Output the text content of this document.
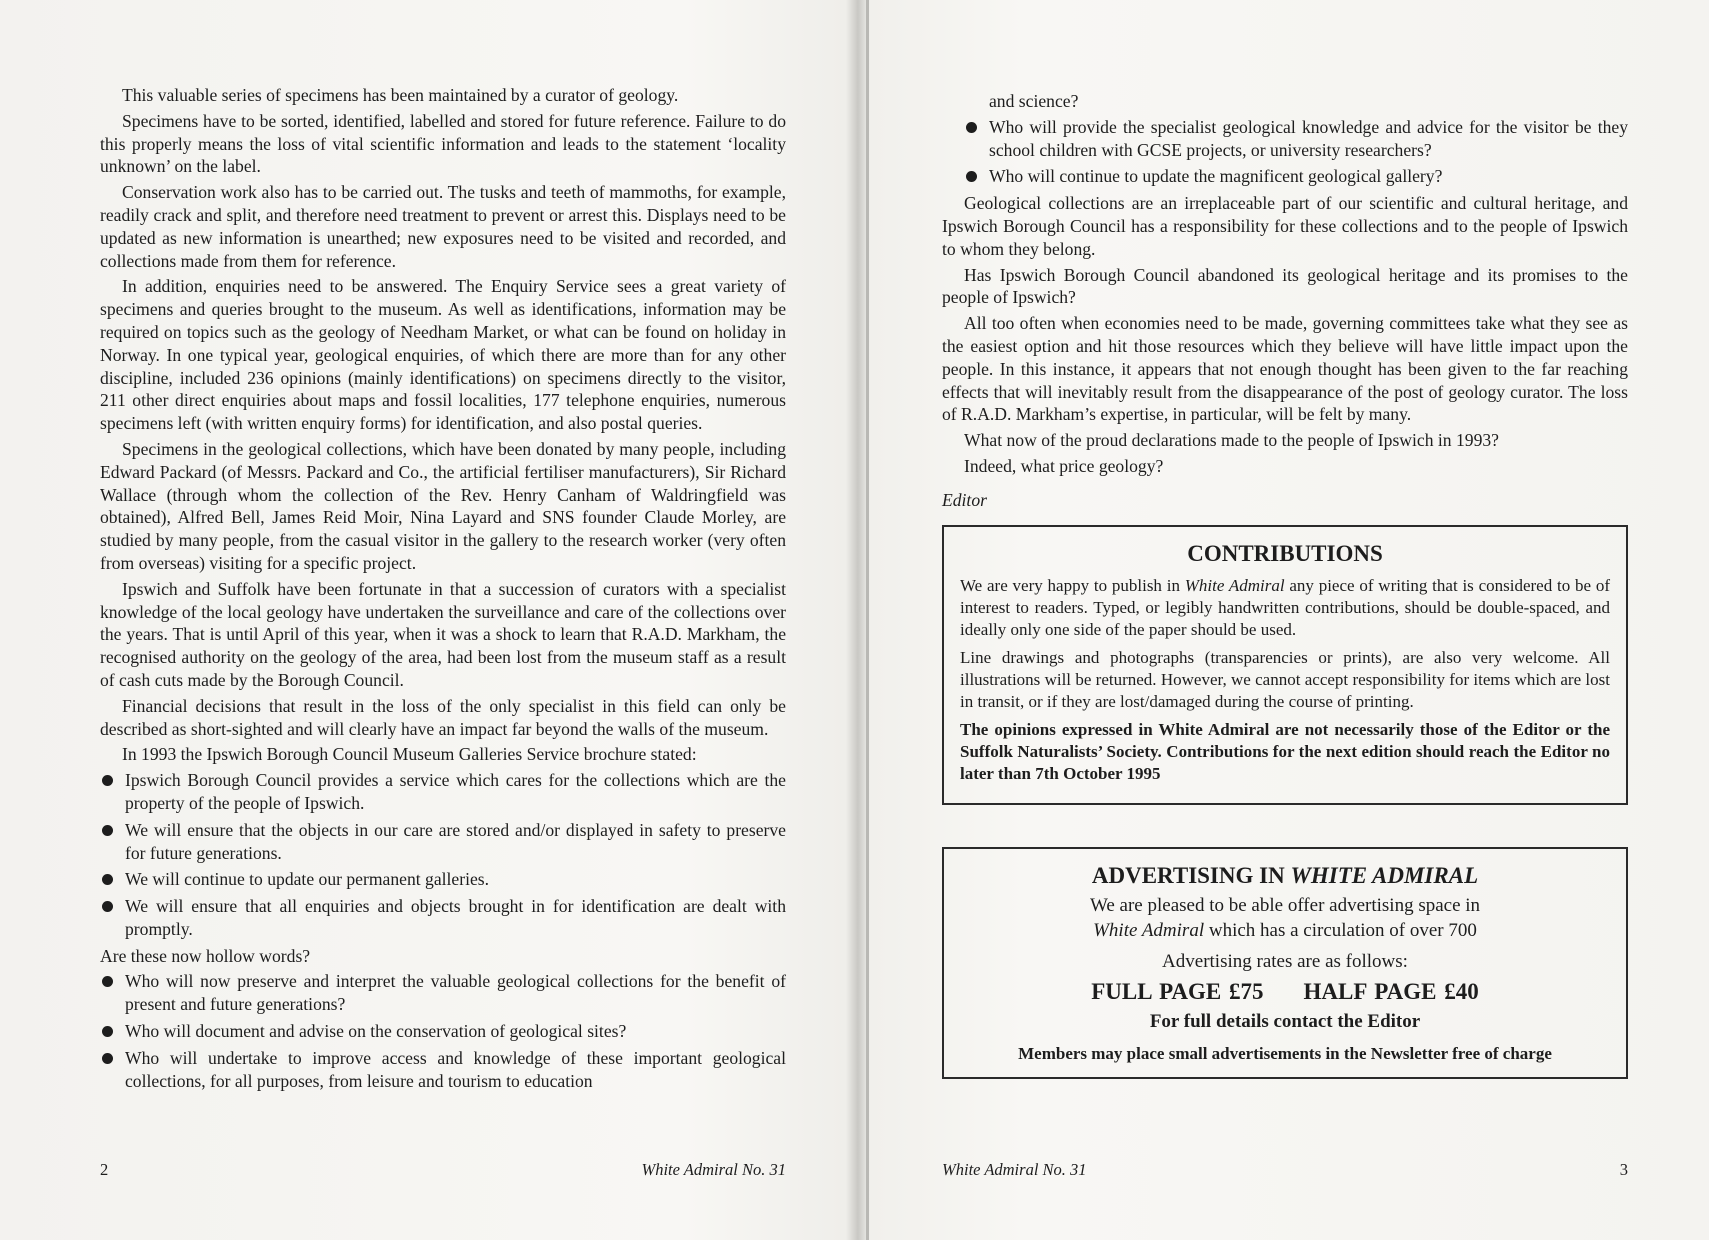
This valuable series of specimens has been maintained by a curator of geology.

Specimens have to be sorted, identified, labelled and stored for future reference. Failure to do this properly means the loss of vital scientific information and leads to the statement ‘locality unknown’ on the label.

Conservation work also has to be carried out. The tusks and teeth of mammoths, for example, readily crack and split, and therefore need treatment to prevent or arrest this. Displays need to be updated as new information is unearthed; new exposures need to be visited and recorded, and collections made from them for reference.

In addition, enquiries need to be answered. The Enquiry Service sees a great variety of specimens and queries brought to the museum. As well as identifications, information may be required on topics such as the geology of Needham Market, or what can be found on holiday in Norway. In one typical year, geological enquiries, of which there are more than for any other discipline, included 236 opinions (mainly identifications) on specimens directly to the visitor, 211 other direct enquiries about maps and fossil localities, 177 telephone enquiries, numerous specimens left (with written enquiry forms) for identification, and also postal queries.

Specimens in the geological collections, which have been donated by many people, including Edward Packard (of Messrs. Packard and Co., the artificial fertiliser manufacturers), Sir Richard Wallace (through whom the collection of the Rev. Henry Canham of Waldringfield was obtained), Alfred Bell, James Reid Moir, Nina Layard and SNS founder Claude Morley, are studied by many people, from the casual visitor in the gallery to the research worker (very often from overseas) visiting for a specific project.

Ipswich and Suffolk have been fortunate in that a succession of curators with a specialist knowledge of the local geology have undertaken the surveillance and care of the collections over the years. That is until April of this year, when it was a shock to learn that R.A.D. Markham, the recognised authority on the geology of the area, had been lost from the museum staff as a result of cash cuts made by the Borough Council.

Financial decisions that result in the loss of the only specialist in this field can only be described as short-sighted and will clearly have an impact far beyond the walls of the museum.

In 1993 the Ipswich Borough Council Museum Galleries Service brochure stated:

Ipswich Borough Council provides a service which cares for the collections which are the property of the people of Ipswich.
We will ensure that the objects in our care are stored and/or displayed in safety to preserve for future generations.
We will continue to update our permanent galleries.
We will ensure that all enquiries and objects brought in for identification are dealt with promptly.

Are these now hollow words?

Who will now preserve and interpret the valuable geological collections for the benefit of present and future generations?
Who will document and advise on the conservation of geological sites?
Who will undertake to improve access and knowledge of these important geological collections, for all purposes, from leisure and tourism to education
2	White Admiral No. 31

and science?

Who will provide the specialist geological knowledge and advice for the visitor be they school children with GCSE projects, or university researchers?
Who will continue to update the magnificent geological gallery?

Geological collections are an irreplaceable part of our scientific and cultural heritage, and Ipswich Borough Council has a responsibility for these collections and to the people of Ipswich to whom they belong.

Has Ipswich Borough Council abandoned its geological heritage and its promises to the people of Ipswich?

All too often when economies need to be made, governing committees take what they see as the easiest option and hit those resources which they believe will have little impact upon the people. In this instance, it appears that not enough thought has been given to the far reaching effects that will inevitably result from the disappearance of the post of geology curator. The loss of R.A.D. Markham’s expertise, in particular, will be felt by many.

What now of the proud declarations made to the people of Ipswich in 1993?

Indeed, what price geology?

Editor
CONTRIBUTIONS

We are very happy to publish in White Admiral any piece of writing that is considered to be of interest to readers. Typed, or legibly handwritten contributions, should be double-spaced, and ideally only one side of the paper should be used.

Line drawings and photographs (transparencies or prints), are also very welcome. All illustrations will be returned. However, we cannot accept responsibility for items which are lost in transit, or if they are lost/damaged during the course of printing.

The opinions expressed in White Admiral are not necessarily those of the Editor or the Suffolk Naturalists’ Society. Contributions for the next edition should reach the Editor no later than 7th October 1995

ADVERTISING IN WHITE ADMIRAL

We are pleased to be able offer advertising space in

White Admiral which has a circulation of over 700

Advertising rates are as follows:

FULL PAGE £75 HALF PAGE £40

For full details contact the Editor

Members may place small advertisements in the Newsletter free of charge

White Admiral No. 31	3
